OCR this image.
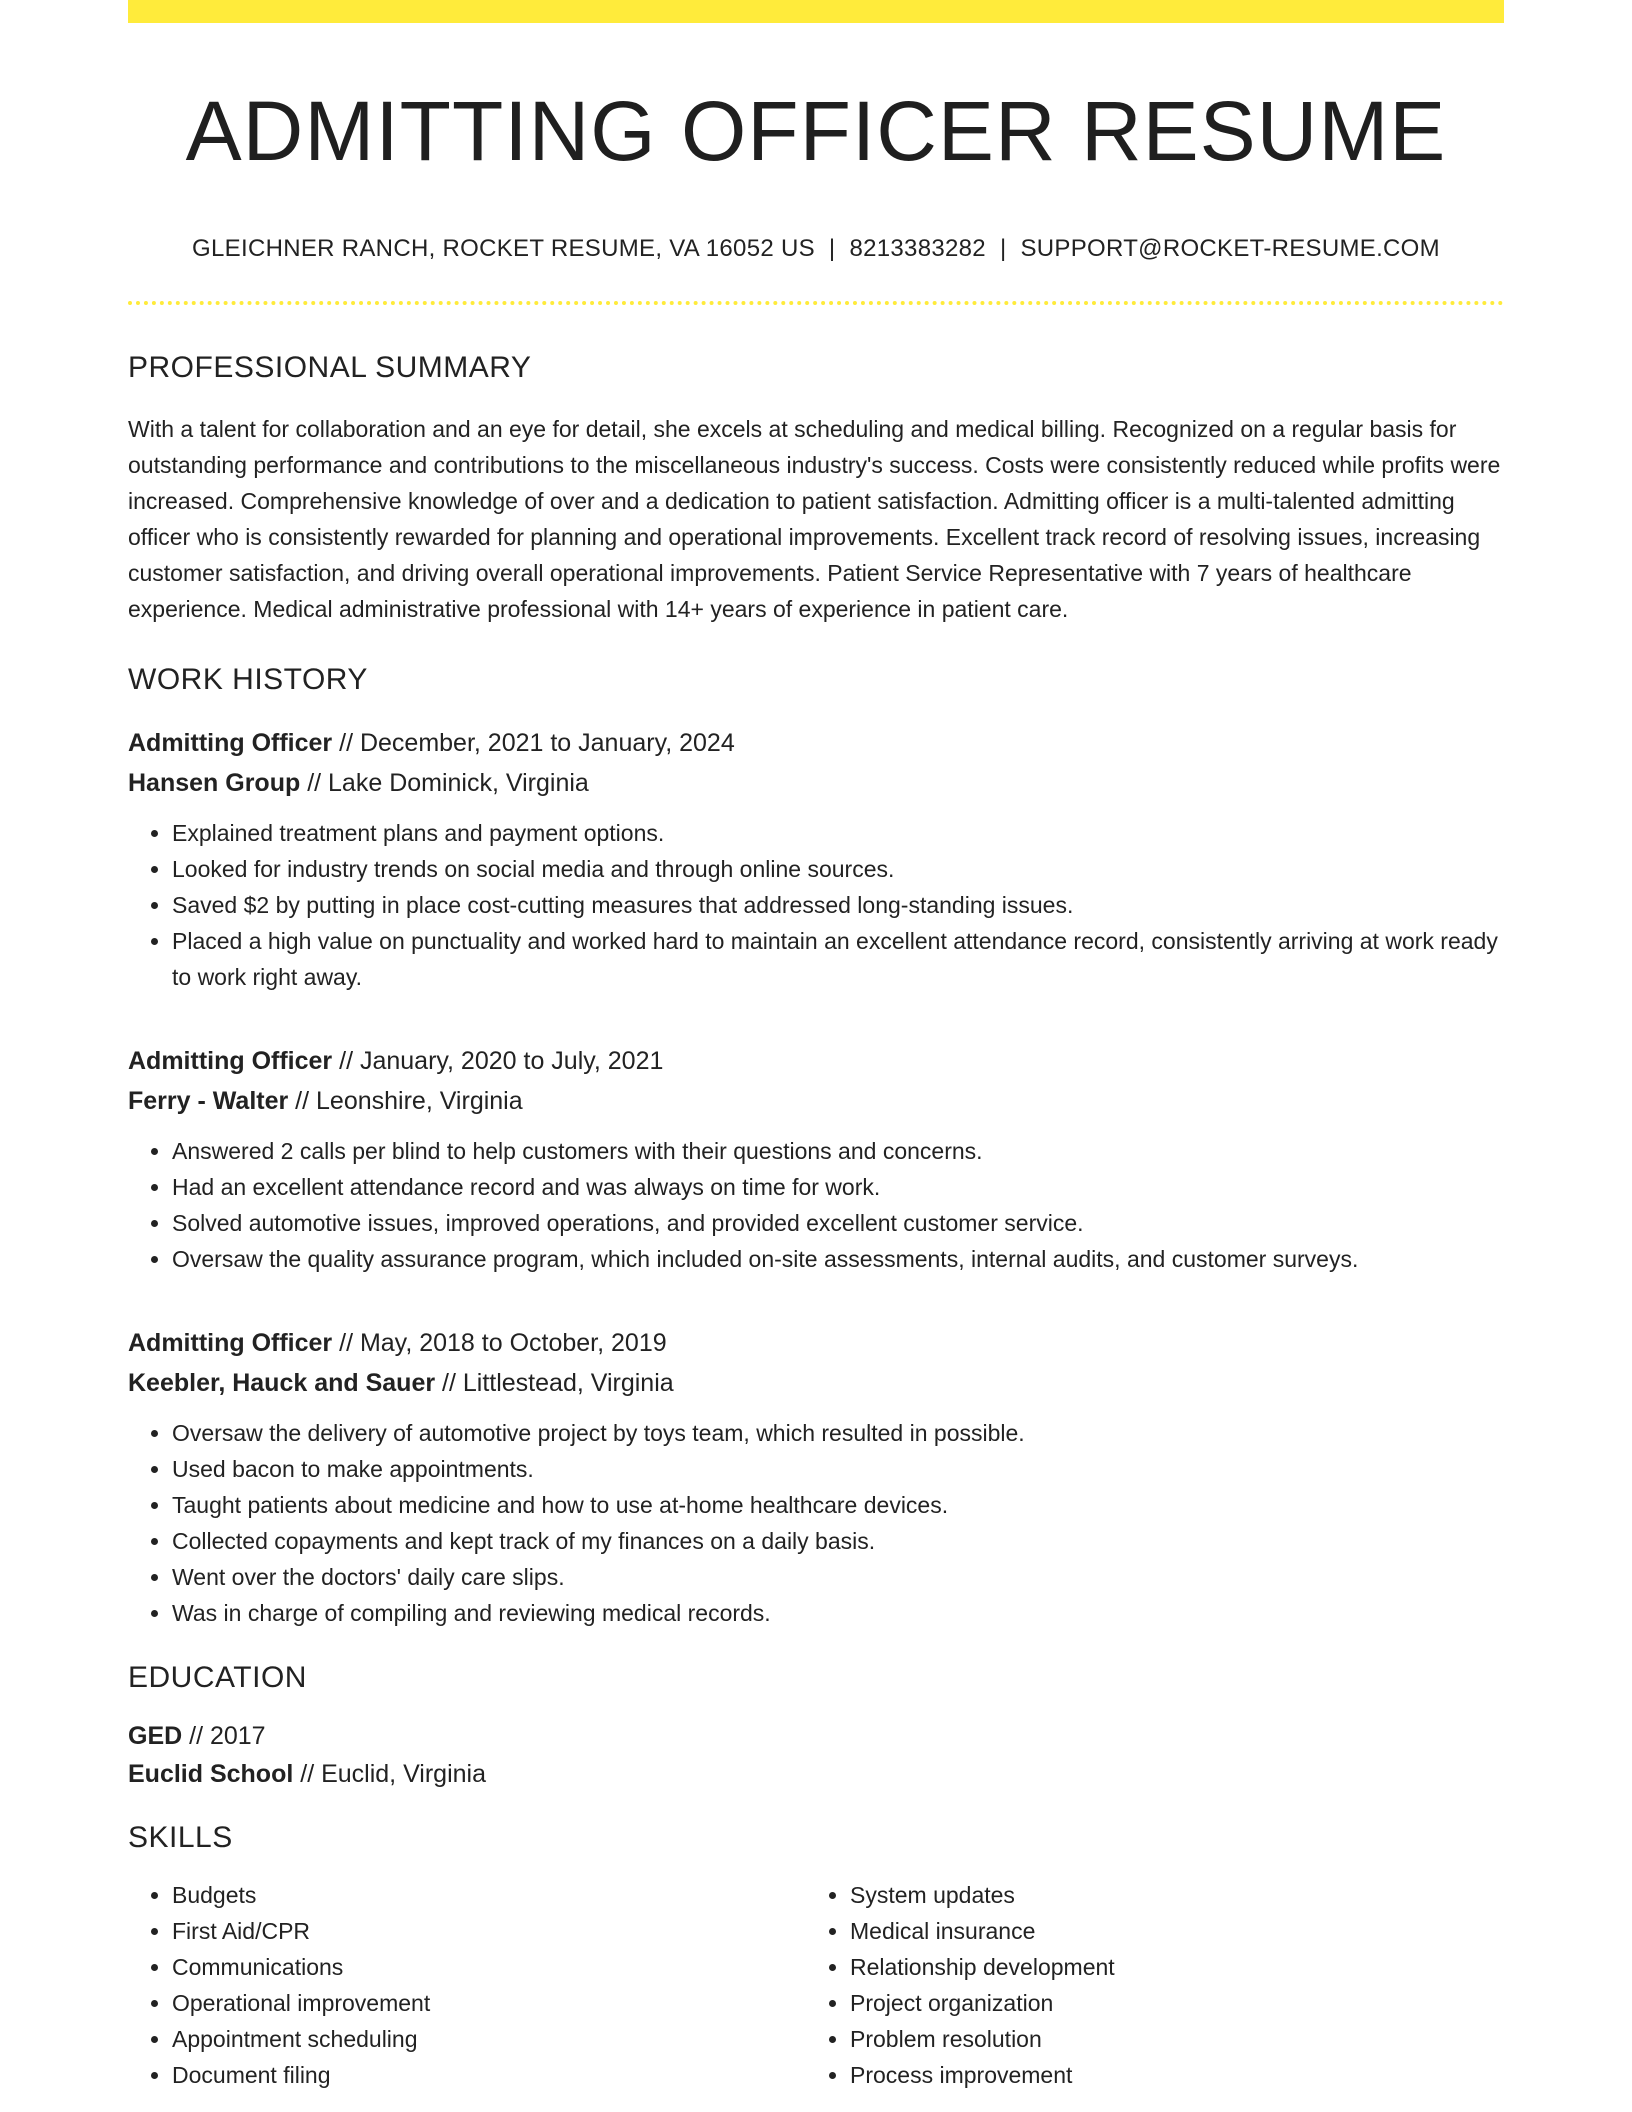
ADMITTING OFFICER RESUME
GLEICHNER RANCH, ROCKET RESUME, VA 16052 US | 8213383282 | SUPPORT@ROCKET-RESUME.COM
PROFESSIONAL SUMMARY

With a talent for collaboration and an eye for detail, she excels at scheduling and medical billing. Recognized on a regular basis for outstanding performance and contributions to the miscellaneous industry's success. Costs were consistently reduced while profits were increased. Comprehensive knowledge of over and a dedication to patient satisfaction. Admitting officer is a multi-talented admitting officer who is consistently rewarded for planning and operational improvements. Excellent track record of resolving issues, increasing customer satisfaction, and driving overall operational improvements. Patient Service Representative with 7 years of healthcare experience. Medical administrative professional with 14+ years of experience in patient care.

WORK HISTORY
Admitting Officer // December, 2021 to January, 2024
Hansen Group // Lake Dominick, Virginia
• Explained treatment plans and payment options.
• Looked for industry trends on social media and through online sources.
• Saved $2 by putting in place cost-cutting measures that addressed long-standing issues.
• Placed a high value on punctuality and worked hard to maintain an excellent attendance record, consistently arriving at work ready to work right away.
Admitting Officer // January, 2020 to July, 2021
Ferry - Walter // Leonshire, Virginia
• Answered 2 calls per blind to help customers with their questions and concerns.
• Had an excellent attendance record and was always on time for work.
• Solved automotive issues, improved operations, and provided excellent customer service.
• Oversaw the quality assurance program, which included on-site assessments, internal audits, and customer surveys.
Admitting Officer // May, 2018 to October, 2019
Keebler, Hauck and Sauer // Littlestead, Virginia
• Oversaw the delivery of automotive project by toys team, which resulted in possible.
• Used bacon to make appointments.
• Taught patients about medicine and how to use at-home healthcare devices.
• Collected copayments and kept track of my finances on a daily basis.
• Went over the doctors' daily care slips.
• Was in charge of compiling and reviewing medical records.
EDUCATION
GED // 2017
Euclid School // Euclid, Virginia
SKILLS
• Budgets
• First Aid/CPR
• Communications
• Operational improvement
• Appointment scheduling
• Document filing
• System updates
• Medical insurance
• Relationship development
• Project organization
• Problem resolution
• Process improvement
